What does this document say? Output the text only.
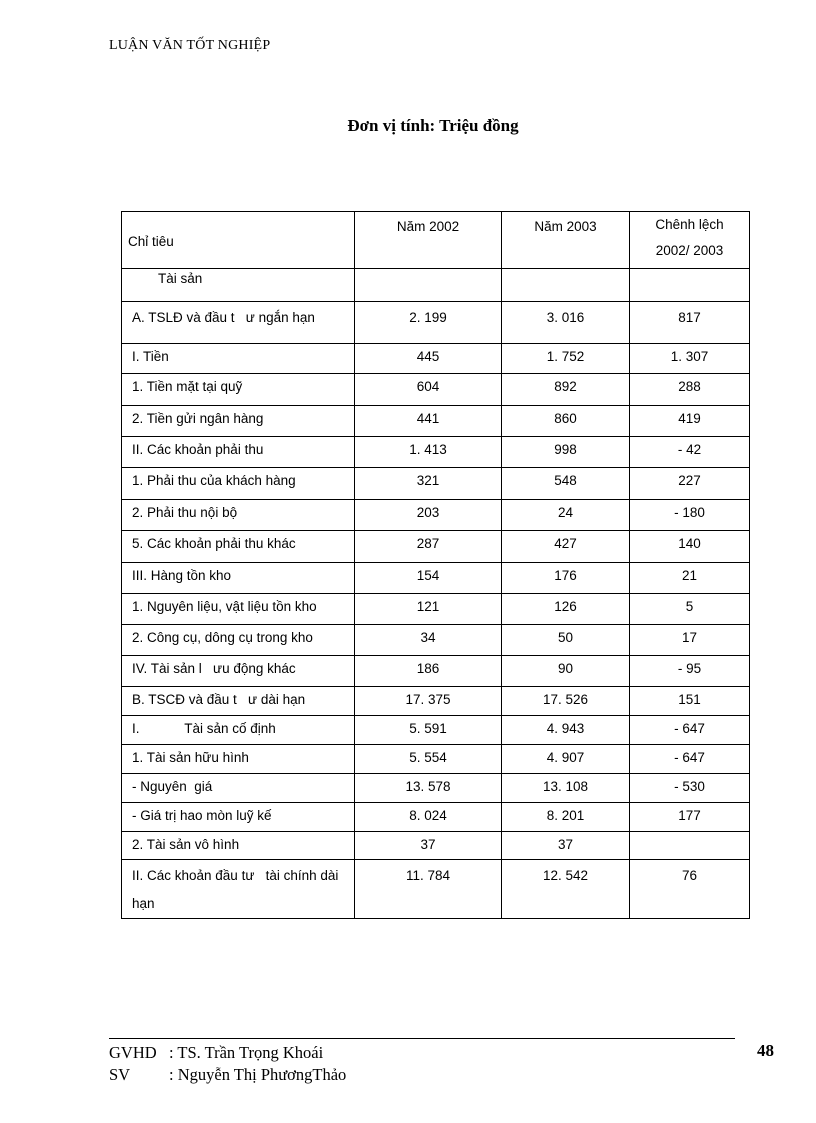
LUẬN VĂN TỐT NGHIỆP
Đơn vị tính: Triệu đồng
Chỉ tiêu	Năm 2002	Năm 2003	Chênh lệch 2002/ 2003

Tài sản			
A. TSLĐ và đầu t   ư ngắn hạn	2. 199	3. 016	817
I. Tiền	445	1. 752	1. 307
1. Tiền mặt tại quỹ	604	892	288
2. Tiền gửi ngân hàng	441	860	419
II. Các khoản phải thu	1. 413	998	- 42
1. Phải thu của khách hàng	321	548	227
2. Phải thu nội bộ	203	24	- 180
5. Các khoản phải thu khác	287	427	140
III. Hàng tồn kho	154	176	21
1. Nguyên liệu, vật liệu tồn kho	121	126	5
2. Công cụ, dông cụ trong kho	34	50	17
IV. Tài sản l   ưu động khác	186	90	- 95
B. TSCĐ và đầu t   ư dài hạn	17. 375	17. 526	151
I.            Tài sản cố định	5. 591	4. 943	- 647
1. Tài sản hữu hình	5. 554	4. 907	- 647
- Nguyên  giá	13. 578	13. 108	- 530
- Giá trị hao mòn luỹ kế	8. 024	8. 201	177
2. Tài sản vô hình	37	37	
II. Các khoản đầu tư   tài chính dài hạn	11. 784	12. 542	76
GVHD : TS. Trần Trọng Khoái
SV : Nguyễn Thị PhươngThảo
48
